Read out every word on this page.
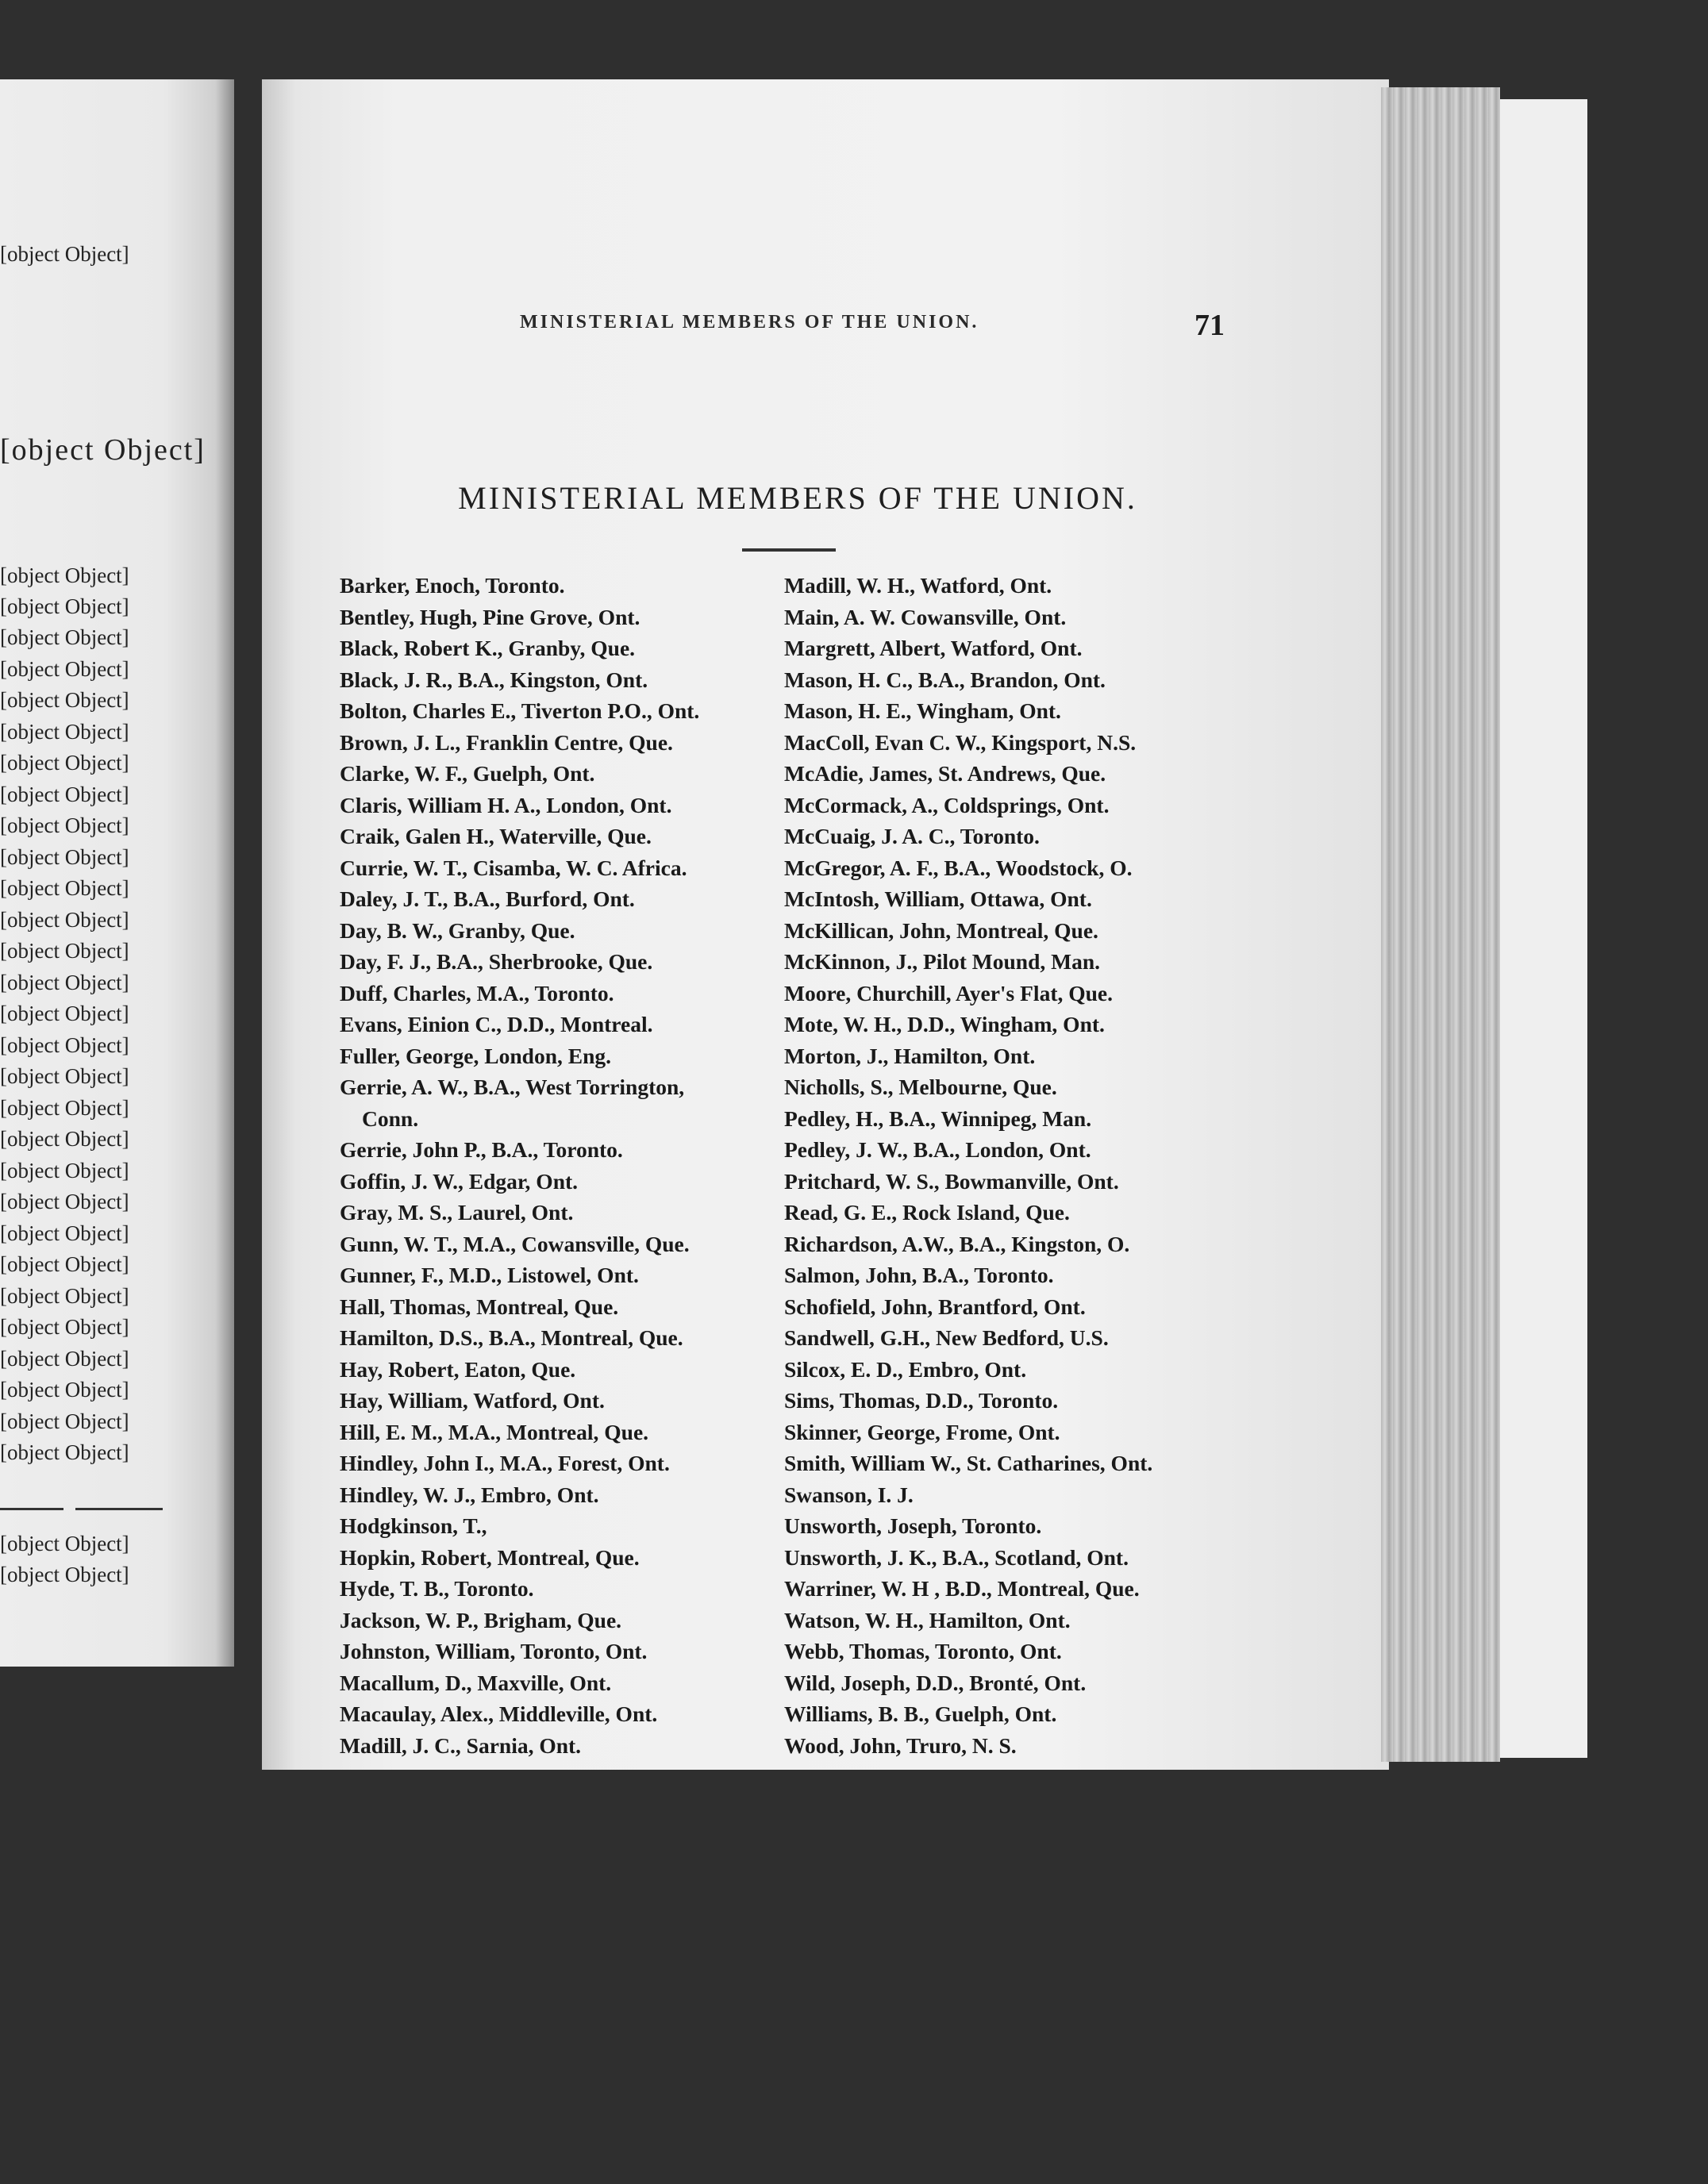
[object Object]
[object Object]
[object Object]
[object Object]
[object Object]
[object Object]
[object Object]
[object Object]
[object Object]
[object Object]
[object Object]
[object Object]
[object Object]
[object Object]
[object Object]
[object Object]
[object Object]
[object Object]
[object Object]
[object Object]
[object Object]
[object Object]
[object Object]
[object Object]
[object Object]
[object Object]
[object Object]
[object Object]
[object Object]
[object Object]
[object Object]
[object Object]
[object Object]
MINISTERIAL MEMBERS OF THE UNION.	71
MINISTERIAL MEMBERS OF THE UNION.
Barker, Enoch, Toronto.
Bentley, Hugh, Pine Grove, Ont.
Black, Robert K., Granby, Que.
Black, J. R., B.A., Kingston, Ont.
Bolton, Charles E., Tiverton P.O., Ont.
Brown, J. L., Franklin Centre, Que.
Clarke, W. F., Guelph, Ont.
Claris, William H. A., London, Ont.
Craik, Galen H., Waterville, Que.
Currie, W. T., Cisamba, W. C. Africa.
Daley, J. T., B.A., Burford, Ont.
Day, B. W., Granby, Que.
Day, F. J., B.A., Sherbrooke, Que.
Duff, Charles, M.A., Toronto.
Evans, Einion C., D.D., Montreal.
Fuller, George, London, Eng.
Gerrie, A. W., B.A., West Torrington,
Conn.
Gerrie, John P., B.A., Toronto.
Goffin, J. W., Edgar, Ont.
Gray, M. S., Laurel, Ont.
Gunn, W. T., M.A., Cowansville, Que.
Gunner, F., M.D., Listowel, Ont.
Hall, Thomas, Montreal, Que.
Hamilton, D.S., B.A., Montreal, Que.
Hay, Robert, Eaton, Que.
Hay, William, Watford, Ont.
Hill, E. M., M.A., Montreal, Que.
Hindley, John I., M.A., Forest, Ont.
Hindley, W. J., Embro, Ont.
Hodgkinson, T.,
Hopkin, Robert, Montreal, Que.
Hyde, T. B., Toronto.
Jackson, W. P., Brigham, Que.
Johnston, William, Toronto, Ont.
Macallum, D., Maxville, Ont.
Macaulay, Alex., Middleville, Ont.
Madill, J. C., Sarnia, Ont.
Madill, W. H., Watford, Ont.
Main, A. W. Cowansville, Ont.
Margrett, Albert, Watford, Ont.
Mason, H. C., B.A., Brandon, Ont.
Mason, H. E., Wingham, Ont.
MacColl, Evan C. W., Kingsport, N.S.
McAdie, James, St. Andrews, Que.
McCormack, A., Coldsprings, Ont.
McCuaig, J. A. C., Toronto.
McGregor, A. F., B.A., Woodstock, O.
McIntosh, William, Ottawa, Ont.
McKillican, John, Montreal, Que.
McKinnon, J., Pilot Mound, Man.
Moore, Churchill, Ayer's Flat, Que.
Mote, W. H., D.D., Wingham, Ont.
Morton, J., Hamilton, Ont.
Nicholls, S., Melbourne, Que.
Pedley, H., B.A., Winnipeg, Man.
Pedley, J. W., B.A., London, Ont.
Pritchard, W. S., Bowmanville, Ont.
Read, G. E., Rock Island, Que.
Richardson, A.W., B.A., Kingston, O.
Salmon, John, B.A., Toronto.
Schofield, John, Brantford, Ont.
Sandwell, G.H., New Bedford, U.S.
Silcox, E. D., Embro, Ont.
Sims, Thomas, D.D., Toronto.
Skinner, George, Frome, Ont.
Smith, William W., St. Catharines, Ont.
Swanson, I. J.
Unsworth, Joseph, Toronto.
Unsworth, J. K., B.A., Scotland, Ont.
Warriner, W. H , B.D., Montreal, Que.
Watson, W. H., Hamilton, Ont.
Webb, Thomas, Toronto, Ont.
Wild, Joseph, D.D., Bronté, Ont.
Williams, B. B., Guelph, Ont.
Wood, John, Truro, N. S.
